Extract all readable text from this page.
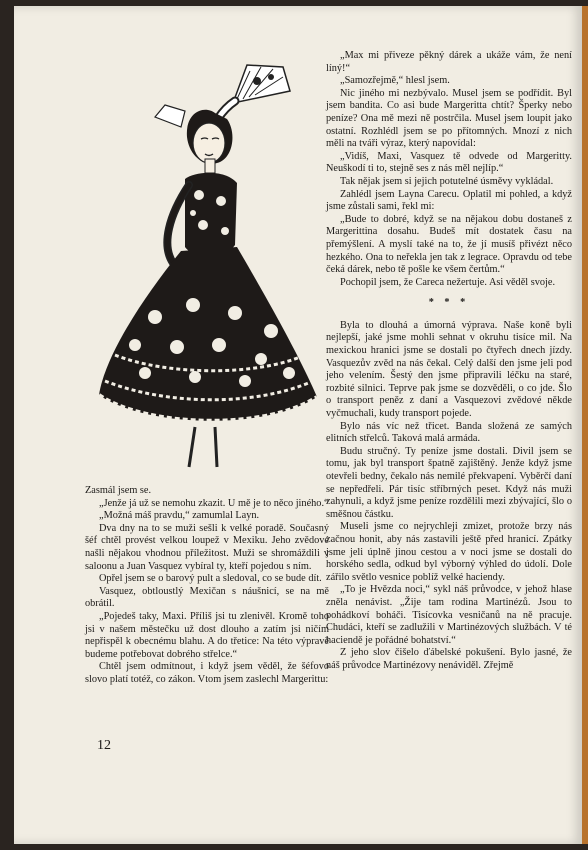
Zasmál jsem se.

„Jenže já už se nemohu zkazit. U mě je to něco jiného.“

„Možná máš pravdu,“ zamumlal Layn.

Dva dny na to se muži sešli k velké poradě. Současný šéf chtěl provést velkou loupež v Mexiku. Jeho zvědové našli nějakou vhodnou příležitost. Muži se shromáždili v saloonu a Juan Vasquez vybíral ty, kteří pojedou s ním.

Opřel jsem se o barový pult a sledoval, co se bude dít.

Vasquez, obtloustlý Mexičan s náušnicí, se na mě obrátil.

„Pojedeš taky, Maxi. Příliš jsi tu zlenivěl. Kromě toho jsi v našem městečku už dost dlouho a zatím jsi ničím nepřispěl k obecnému blahu. A do třetice: Na této výpravě budeme potřebovat dobrého střelce.“

Chtěl jsem odmítnout, i když jsem věděl, že šéfovo slovo platí totéž, co zákon. Vtom jsem zaslechl Margerittu:

„Max mi přiveze pěkný dárek a ukáže vám, že není líný!“

„Samozřejmě,“ hlesl jsem.

Nic jiného mi nezbývalo. Musel jsem se podřídit. Byl jsem bandita. Co asi bude Margeritta chtít? Šperky nebo peníze? Ona mě mezi ně postrčila. Musel jsem loupit jako ostatní. Rozhlédl jsem se po přítomných. Mnozí z nich měli na tváři výraz, který napovídal:

„Vidíš, Maxi, Vasquez tě odvede od Margeritty. Neuškodí ti to, stejně ses z nás měl nejlíp.“

Tak nějak jsem si jejich potutelné úsměvy vykládal.

Zahlédl jsem Layna Carecu. Oplatil mi pohled, a když jsme zůstali sami, řekl mi:

„Bude to dobré, když se na nějakou dobu dostaneš z Margerittina dosahu. Budeš mít dostatek času na přemýšlení. A myslí také na to, že jí musíš přivézt něco hezkého. Ona to neřekla jen tak z legrace. Opravdu od tebe čeká dárek, nebo tě pošle ke všem čertům.“

Pochopil jsem, že Careca nežertuje. Asi věděl svoje.

* * *

Byla to dlouhá a úmorná výprava. Naše koně byli nejlepší, jaké jsme mohli sehnat v okruhu tisíce mil. Na mexickou hranici jsme se dostali po čtyřech dnech jízdy. Vasquezův zvěd na nás čekal. Celý další den jsme jeli pod jeho velením. Šestý den jsme připravili léčku na staré, rozbité silnici. Teprve pak jsme se dozvěděli, o co jde. Šlo o transport peněz z daní a Vasquezovi zvědové někde vyčmuchali, kudy transport pojede.

Bylo nás víc než třicet. Banda složená ze samých elitních střelců. Taková malá armáda.

Budu stručný. Ty peníze jsme dostali. Divil jsem se tomu, jak byl transport špatně zajištěný. Jenže když jsme otevřeli bedny, čekalo nás nemilé překvapení. Vyběrčí daní se nepředřeli. Pár tisíc stříbrných peset. Když nás muži zahynuli, a když jsme peníze rozdělili mezi zbývající, šlo o směšnou částku.

Museli jsme co nejrychleji zmizet, protože brzy nás začnou honit, aby nás zastavili ještě před hranicí. Zpátky jsme jeli úplně jinou cestou a v noci jsme se dostali do horského sedla, odkud byl výborný výhled do údolí. Dole zářilo světlo vesnice poblíž velké haciendy.

„To je Hvězda noci,“ sykl náš průvodce, v jehož hlase zněla nenávist. „Žije tam rodina Martinézů. Jsou to pohádkoví boháči. Tisícovka vesničanů na ně pracuje. Chudáci, kteří se zadlužili v Martinézových službách. V té haciendě je pořádné bohatství.“

Z jeho slov čišelo ďábelské pokušení. Bylo jasné, že náš průvodce Martinézovy nenáviděl. Zřejmě

12
